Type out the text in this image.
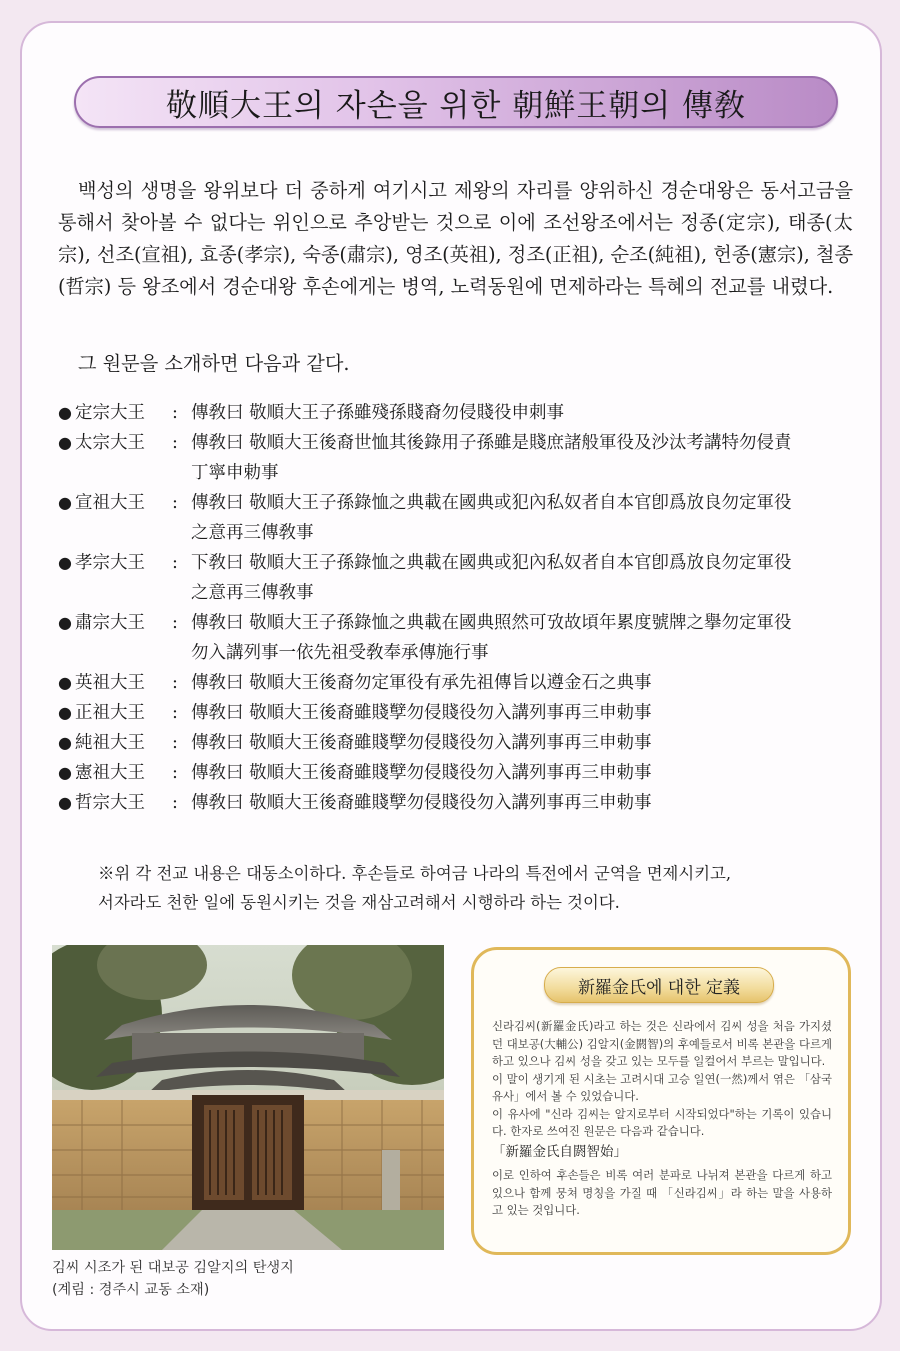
敬順大王의 자손을 위한 朝鮮王朝의 傳敎

백성의 생명을 왕위보다 더 중하게 여기시고 제왕의 자리를 양위하신 경순대왕은 동서고금을 통해서 찾아볼 수 없다는 위인으로 추앙받는 것으로 이에 조선왕조에서는 정종(定宗), 태종(太宗), 선조(宣祖), 효종(孝宗), 숙종(肅宗), 영조(英祖), 정조(正祖), 순조(純祖), 헌종(憲宗), 철종(哲宗) 등 왕조에서 경순대왕 후손에게는 병역, 노력동원에 면제하라는 특혜의 전교를 내렸다.

그 원문을 소개하면 다음과 같다.

● 定宗大王	: 傳敎曰 敬順大王子孫雖殘孫賤裔勿侵賤役申刺事
● 太宗大王	: 傳敎曰 敬順大王後裔世恤其後錄用子孫雖是賤庶諸般軍役及沙汰考講特勿侵責
丁寧申勅事
● 宣祖大王	: 傳敎曰 敬順大王子孫錄恤之典載在國典或犯內私奴者自本官卽爲放良勿定軍役
之意再三傳敎事
● 孝宗大王	: 下敎曰 敬順大王子孫錄恤之典載在國典或犯內私奴者自本官卽爲放良勿定軍役
之意再三傳敎事
● 肅宗大王	: 傳敎曰 敬順大王子孫錄恤之典載在國典照然可攷故頃年累度號牌之擧勿定軍役
勿入講列事一依先祖受敎奉承傳施行事
● 英祖大王	: 傳敎曰 敬順大王後裔勿定軍役有承先祖傳旨以遵金石之典事
● 正祖大王	: 傳敎曰 敬順大王後裔雖賤孼勿侵賤役勿入講列事再三申勅事
● 純祖大王	: 傳敎曰 敬順大王後裔雖賤孼勿侵賤役勿入講列事再三申勅事
● 憲祖大王	: 傳敎曰 敬順大王後裔雖賤孼勿侵賤役勿入講列事再三申勅事
● 哲宗大王	: 傳敎曰 敬順大王後裔雖賤孼勿侵賤役勿入講列事再三申勅事

※위 각 전교 내용은 대동소이하다. 후손들로 하여금 나라의 특전에서 군역을 면제시키고,
서자라도 천한 일에 동원시키는 것을 재삼고려해서 시행하라 하는 것이다.

김씨 시조가 된 대보공 김알지의 탄생지
(계림 : 경주시 교동 소재)
新羅金氏에 대한 定義

신라김씨(新羅金氏)라고 하는 것은 신라에서 김씨 성을 처음 가지셨던 대보공(大輔公) 김알지(金閼智)의 후예들로서 비록 본관을 다르게 하고 있으나 김씨 성을 갖고 있는 모두를 일컬어서 부르는 말입니다.

이 말이 생기게 된 시초는 고려시대 고승 일연(一然)께서 엮은 「삼국유사」에서 볼 수 있었습니다.

이 유사에 "신라 김씨는 알지로부터 시작되었다"하는 기록이 있습니다. 한자로 쓰여진 원문은 다음과 같습니다.

「新羅金氏自閼智始」

이로 인하여 후손들은 비록 여러 분파로 나뉘져 본관을 다르게 하고 있으나 함께 뭉쳐 명칭을 가질 때 「신라김씨」라 하는 말을 사용하고 있는 것입니다.
